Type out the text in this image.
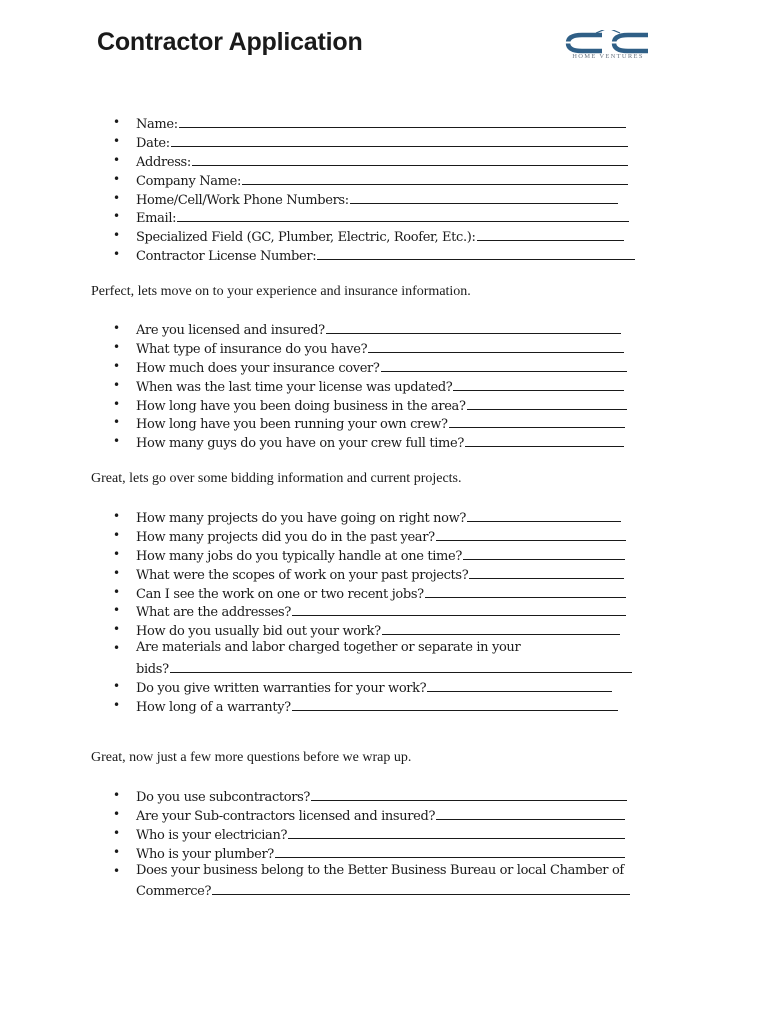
Contractor Application
HOME VENTURES
• Name:
• Date:
• Address:
• Company Name:
• Home/Cell/Work Phone Numbers:
• Email:
• Specialized Field (GC, Plumber, Electric, Roofer, Etc.):
• Contractor License Number:
Perfect, lets move on to your experience and insurance information.
• Are you licensed and insured?
• What type of insurance do you have?
• How much does your insurance cover?
• When was the last time your license was updated?
• How long have you been doing business in the area?
• How long have you been running your own crew?
• How many guys do you have on your crew full time?
Great, lets go over some bidding information and current projects.
• How many projects do you have going on right now?
• How many projects did you do in the past year?
• How many jobs do you typically handle at one time?
• What were the scopes of work on your past projects?
• Can I see the work on one or two recent jobs?
• What are the addresses?
• How do you usually bid out your work?
• Are materials and labor charged together or separate in your
bids?
• Do you give written warranties for your work?
• How long of a warranty?
Great, now just a few more questions before we wrap up.
• Do you use subcontractors?
• Are your Sub-contractors licensed and insured?
• Who is your electrician?
• Who is your plumber?
• Does your business belong to the Better Business Bureau or local Chamber of
Commerce?
